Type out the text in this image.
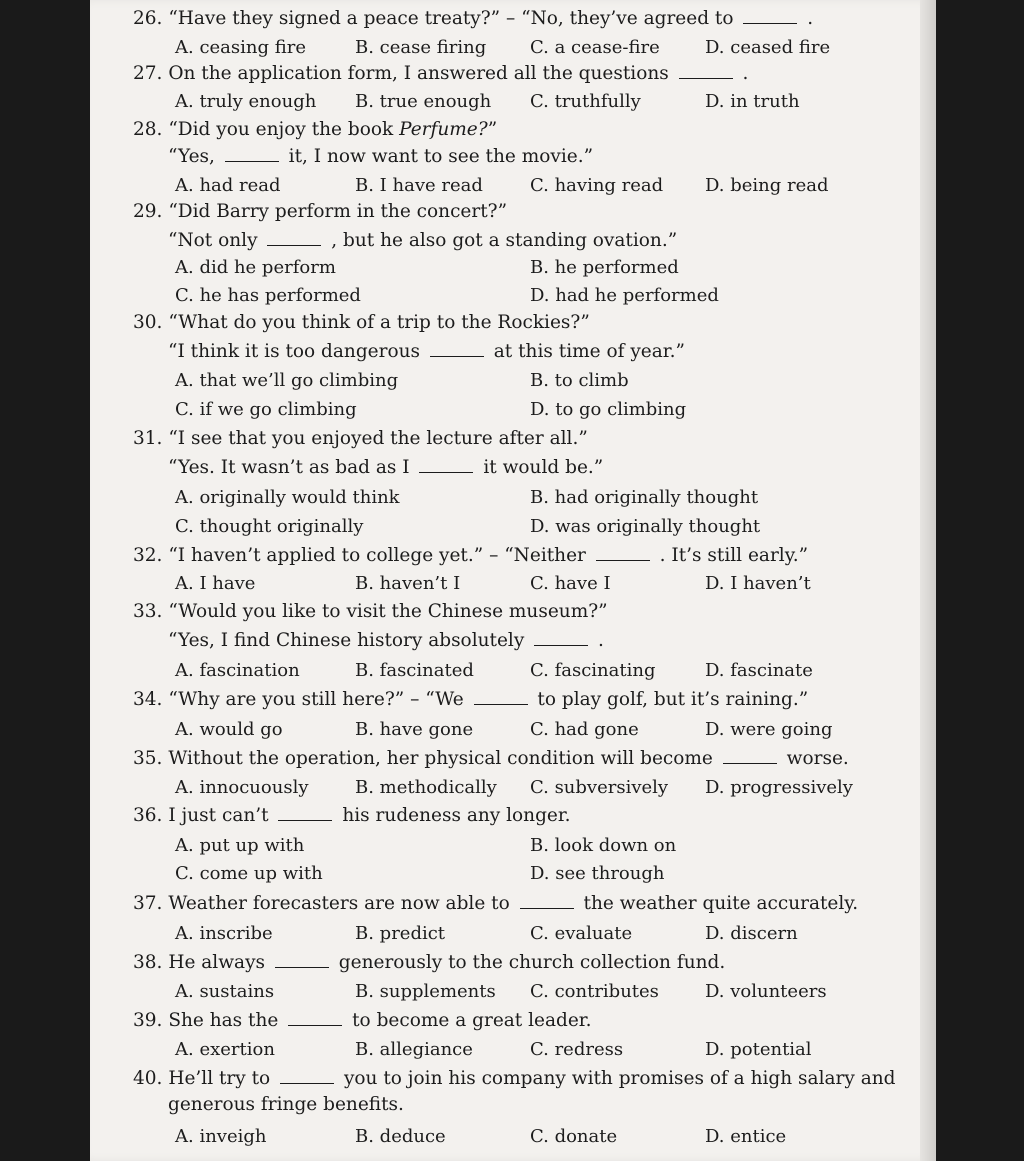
26. “Have they signed a peace treaty?” – “No, they’ve agreed to	.
A. ceasing fire	B. cease firing C. a cease-fire	D. ceased fire
27. On the application form, I answered all the questions	.
A. truly enough B. true enough C. truthfully	D. in truth
28. “Did you enjoy the book Perfume?”
“Yes,	it, I now want to see the movie.”
A. had read	B. I have read	C. having read D. being read
29. “Did Barry perform in the concert?”
“Not only	, but he also got a standing ovation.”
A. did he perform	B. he performed
C. he has performed	D. had he performed
30. “What do you think of a trip to the Rockies?”
“I think it is too dangerous	at this time of year.”
A. that we’ll go climbing	B. to climb
C. if we go climbing	D. to go climbing
31. “I see that you enjoyed the lecture after all.”
“Yes. It wasn’t as bad as I	it would be.”
A. originally would think	B. had originally thought
C. thought originally	D. was originally thought
32. “I haven’t applied to college yet.” – “Neither	. It’s still early.”
A. I have	B. haven’t I	C. have I	D. I haven’t
33. “Would you like to visit the Chinese museum?”
“Yes, I find Chinese history absolutely	.
A. fascination	B. fascinated	C. fascinating	D. fascinate
34. “Why are you still here?” – “We	to play golf, but it’s raining.”
A. would go	B. have gone	C. had gone	D. were going
35. Without the operation, her physical condition will become	worse.
A. innocuously	B. methodically C. subversively D. progressively
36. I just can’t	his rudeness any longer.
A. put up with	B. look down on
C. come up with	D. see through
37. Weather forecasters are now able to	the weather quite accurately.
A. inscribe	B. predict	C. evaluate	D. discern
38. He always	generously to the church collection fund.
A. sustains	B. supplements C. contributes	D. volunteers
39. She has the	to become a great leader.
A. exertion	B. allegiance	C. redress	D. potential
40. He’ll try to	you to join his company with promises of a high salary and
generous fringe benefits.
A. inveigh	B. deduce	C. donate	D. entice
